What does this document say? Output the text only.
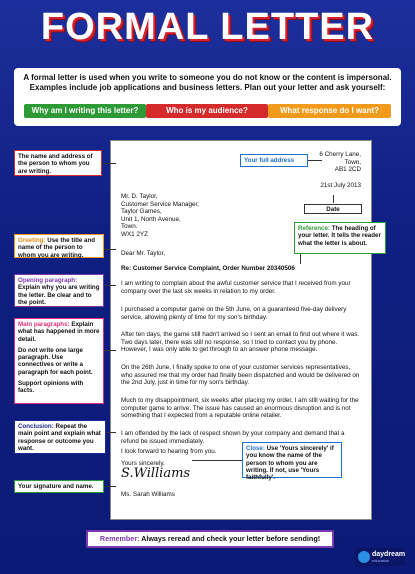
FORMAL LETTER
A formal letter is used when you write to someone you do not know or the content is impersonal. Examples include job applications and business letters. Plan out your letter and ask yourself:
Why am I writing this letter?	Who is my audience?	What response do I want?
6 Cherry Lane,
Town,
AB1 2CD
21st July 2013
Mr. D. Taylor,
Customer Service Manager,
Taylor Games,
Unit 1, North Avenue,
Town.
WX1 2YZ
Dear Mr. Taylor,
Re: Customer Service Complaint, Order Number 20340506

I am writing to complain about the awful customer service that I received from your company over the last six weeks in relation to my order.

I purchased a computer game on the 5th June, on a guaranteed five-day delivery service, allowing plenty of time for my son's birthday.

After ten days, the game still hadn't arrived so I sent an email to find out where it was. Two days later, there was still no response, so I tried to contact you by phone. However, I was only able to get through to an answer phone message.

On the 26th June, I finally spoke to one of your customer services representatives, who assured me that my order had finally been dispatched and would be delivered on the 2nd July, just in time for my son's birthday.

Much to my disappointment, six weeks after placing my order, I am still waiting for the computer game to arrive. The issue has caused an enormous disruption and is not something that I expected from a reputable online retailer.

I am offended by the lack of respect shown by your company and demand that a refund be issued immediately.

I look forward to hearing from you.

Yours sincerely,
S.Williams
Ms. Sarah Williams
Date
Your full address
The name and address of the person to whom you are writing.
Reference: The heading of your letter. It tells the reader what the letter is about.
Greeting: Use the title and name of the person to whom you are writing.
Opening paragraph:
Explain why you are writing the letter. Be clear and to the point.
Main paragraphs: Explain what has happened in more detail.
Do not write one large paragraph. Use connectives or write a paragraph for each point.
Support opinions with facts.
Conclusion: Repeat the main point and explain what response or outcome you want.	Close: Use 'Yours sincerely' if you know the name of the person to whom you are writing. If not, use 'Yours faithfully'.
Your signature and name.
Remember: Always reread and check your letter before sending!
daydream
education
